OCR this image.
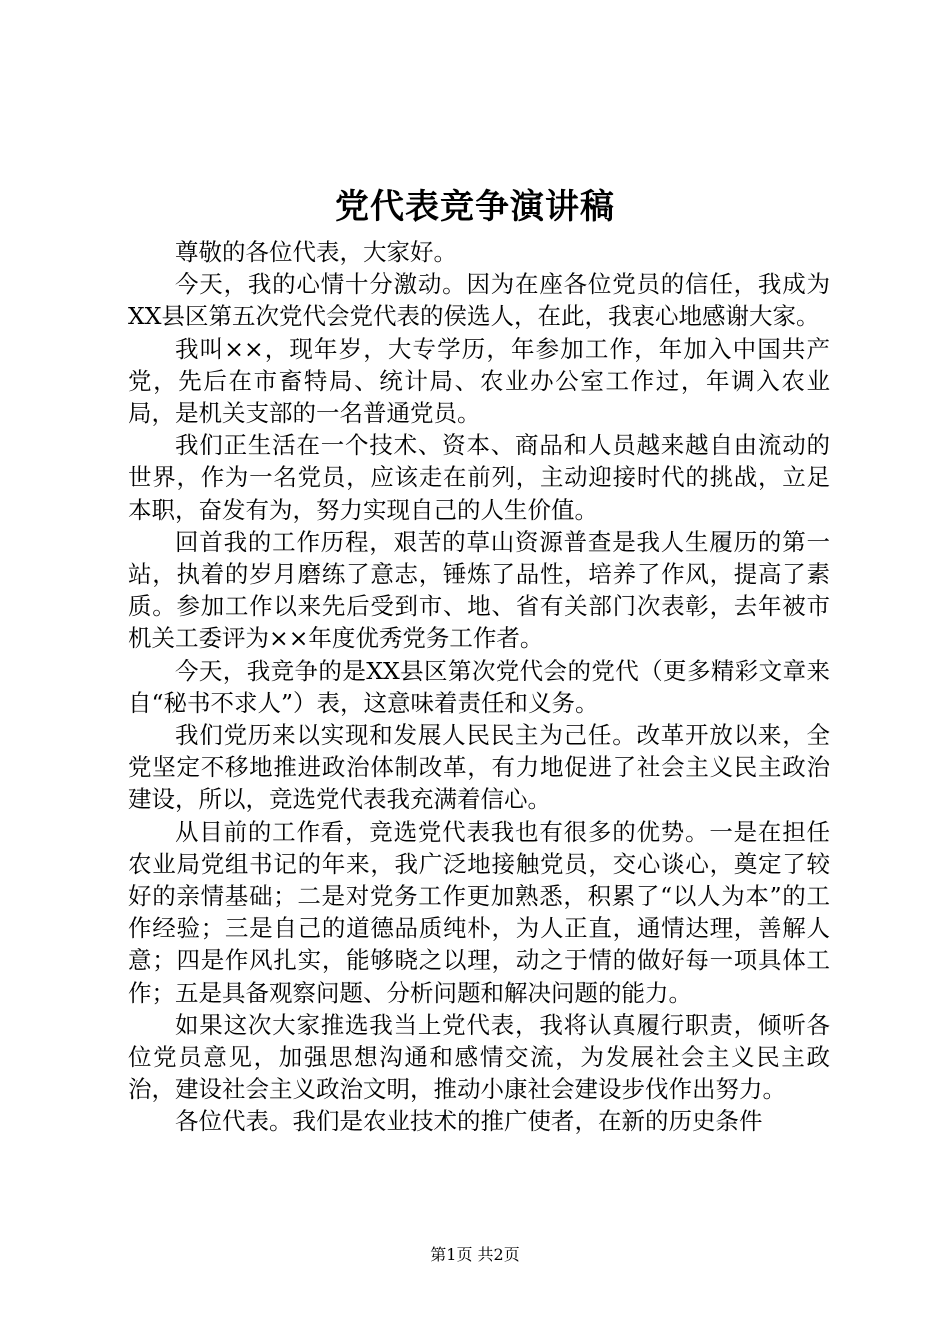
党代表竞争演讲稿

尊敬的各位代表，大家好。

今天，我的心情十分激动。因为在座各位党员的信任，我成为XX县区第五次党代会党代表的侯选人，在此，我衷心地感谢大家。

我叫××，现年岁，大专学历，年参加工作，年加入中国共产党，先后在市畜特局、统计局、农业办公室工作过，年调入农业局，是机关支部的一名普通党员。

我们正生活在一个技术、资本、商品和人员越来越自由流动的世界，作为一名党员，应该走在前列，主动迎接时代的挑战，立足本职，奋发有为，努力实现自己的人生价值。

回首我的工作历程，艰苦的草山资源普查是我人生履历的第一站，执着的岁月磨练了意志，锤炼了品性，培养了作风，提高了素质。参加工作以来先后受到市、地、省有关部门次表彰，去年被市机关工委评为××年度优秀党务工作者。

今天，我竞争的是XX县区第次党代会的党代（更多精彩文章来自“秘书不求人”）表，这意味着责任和义务。

我们党历来以实现和发展人民民主为己任。改革开放以来，全党坚定不移地推进政治体制改革，有力地促进了社会主义民主政治建设，所以，竞选党代表我充满着信心。

从目前的工作看，竞选党代表我也有很多的优势。一是在担任农业局党组书记的年来，我广泛地接触党员，交心谈心，奠定了较好的亲情基础；二是对党务工作更加熟悉，积累了“以人为本”的工作经验；三是自己的道德品质纯朴，为人正直，通情达理，善解人意；四是作风扎实，能够晓之以理，动之于情的做好每一项具体工作；五是具备观察问题、分析问题和解决问题的能力。

如果这次大家推选我当上党代表，我将认真履行职责，倾听各位党员意见，加强思想沟通和感情交流，为发展社会主义民主政治，建设社会主义政治文明，推动小康社会建设步伐作出努力。

各位代表。我们是农业技术的推广使者，在新的历史条件

第1页 共2页
